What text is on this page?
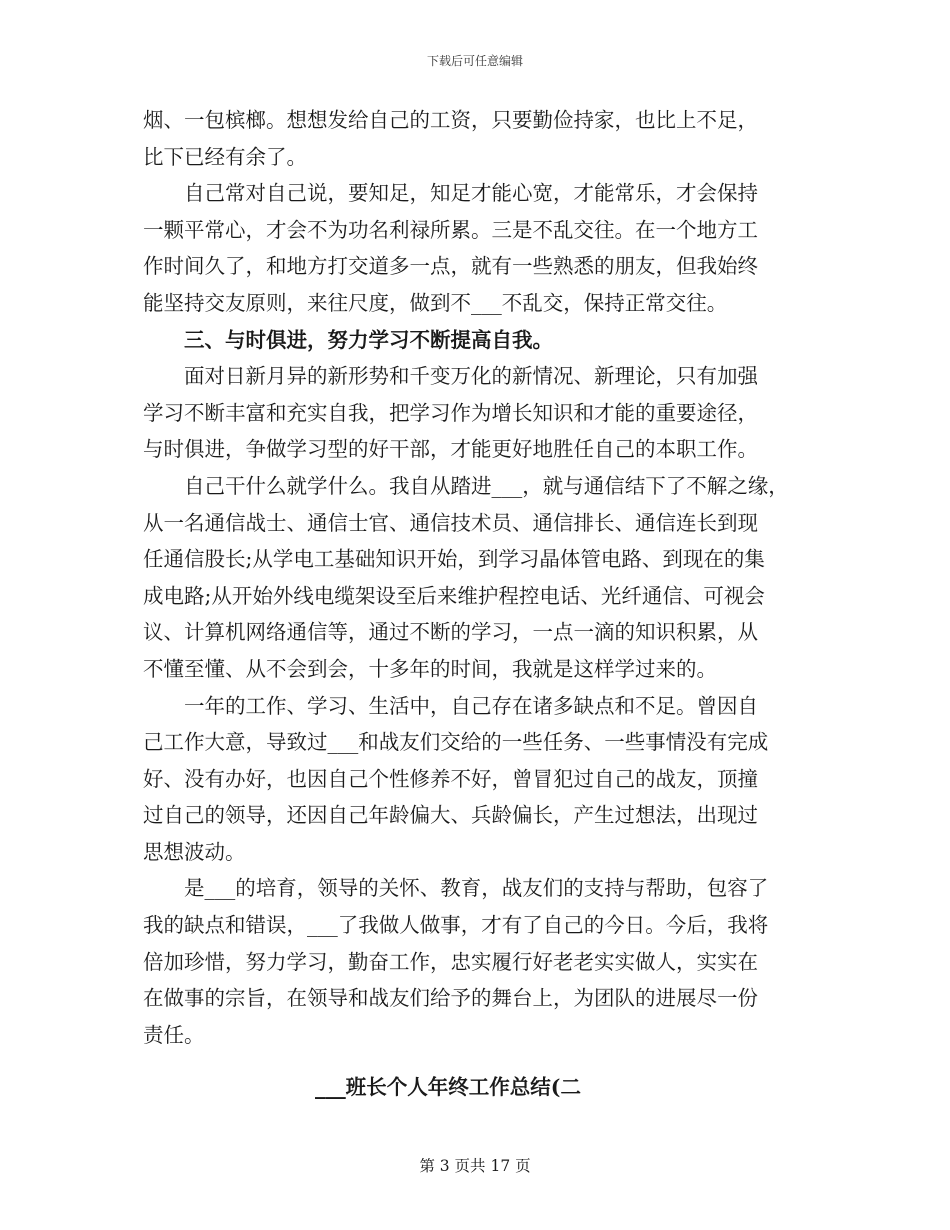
下载后可任意编辑
烟、一包槟榔。想想发给自己的工资，只要勤俭持家，也比上不足，
比下已经有余了。
自己常对自己说，要知足，知足才能心宽，才能常乐，才会保持
一颗平常心，才会不为功名利禄所累。三是不乱交往。在一个地方工
作时间久了，和地方打交道多一点，就有一些熟悉的朋友，但我始终
能坚持交友原则，来往尺度，做到不___不乱交，保持正常交往。
三、与时俱进，努力学习不断提高自我。
面对日新月异的新形势和千变万化的新情况、新理论，只有加强
学习不断丰富和充实自我，把学习作为增长知识和才能的重要途径，
与时俱进，争做学习型的好干部，才能更好地胜任自己的本职工作。
自己干什么就学什么。我自从踏进___，就与通信结下了不解之缘，
从一名通信战士、通信士官、通信技术员、通信排长、通信连长到现
任通信股长;从学电工基础知识开始，到学习晶体管电路、到现在的集
成电路;从开始外线电缆架设至后来维护程控电话、光纤通信、可视会
议、计算机网络通信等，通过不断的学习，一点一滴的知识积累，从
不懂至懂、从不会到会，十多年的时间，我就是这样学过来的。
一年的工作、学习、生活中，自己存在诸多缺点和不足。曾因自
己工作大意，导致过___和战友们交给的一些任务、一些事情没有完成
好、没有办好，也因自己个性修养不好，曾冒犯过自己的战友，顶撞
过自己的领导，还因自己年龄偏大、兵龄偏长，产生过想法，出现过
思想波动。
是___的培育，领导的关怀、教育，战友们的支持与帮助，包容了
我的缺点和错误，___了我做人做事，才有了自己的今日。今后，我将
倍加珍惜，努力学习，勤奋工作，忠实履行好老老实实做人，实实在
在做事的宗旨，在领导和战友们给予的舞台上，为团队的进展尽一份
责任。
___班长个人年终工作总结(二
第 3 页共 17 页
